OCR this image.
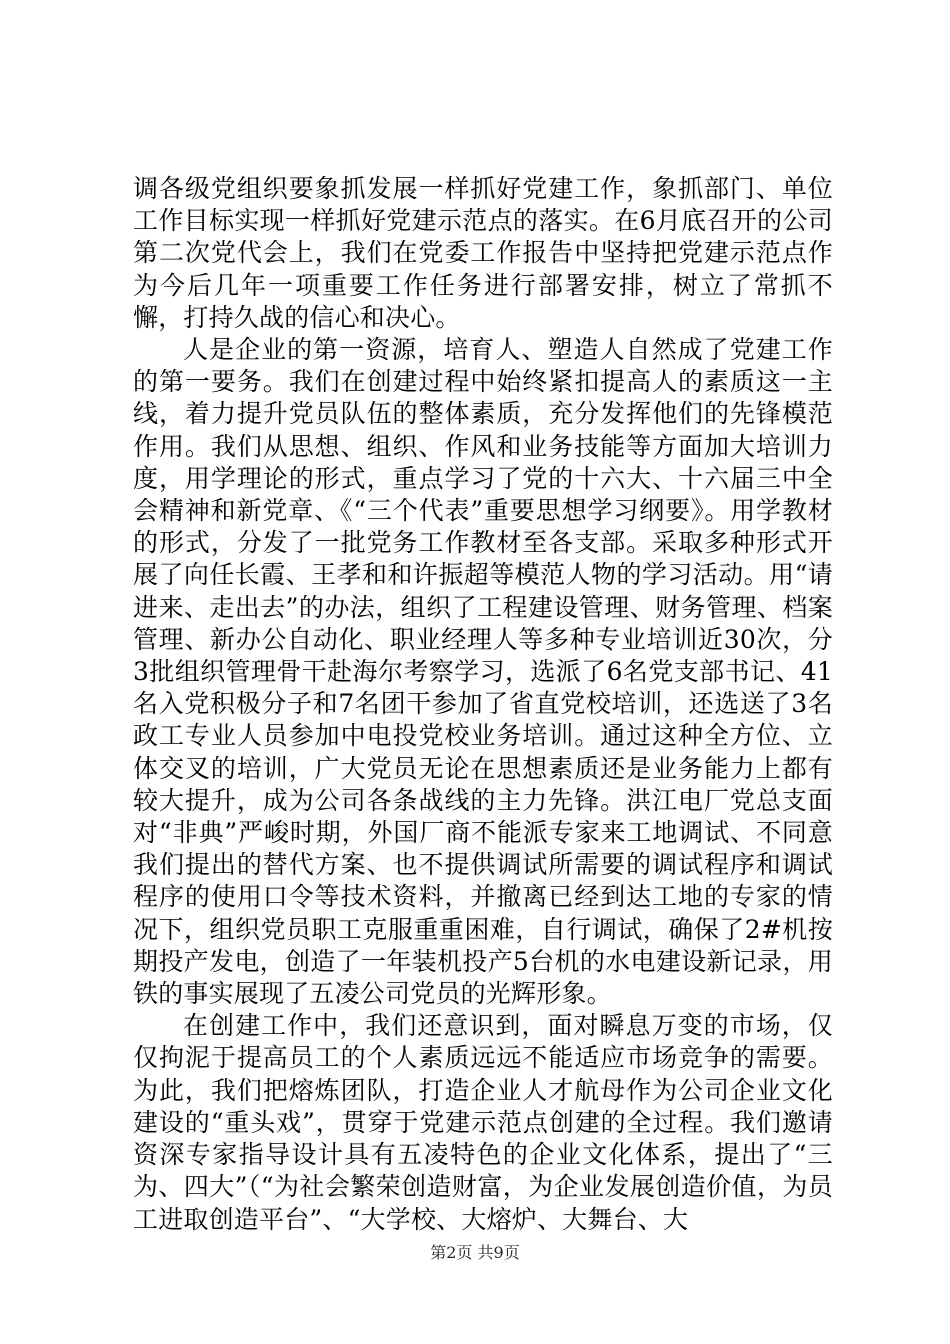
调各级党组织要象抓发展一样抓好党建工作，象抓部门、单位工作目标实现一样抓好党建示范点的落实。在6月底召开的公司第二次党代会上，我们在党委工作报告中坚持把党建示范点作为今后几年一项重要工作任务进行部署安排，树立了常抓不懈，打持久战的信心和决心。

人是企业的第一资源，培育人、塑造人自然成了党建工作的第一要务。我们在创建过程中始终紧扣提高人的素质这一主线，着力提升党员队伍的整体素质，充分发挥他们的先锋模范作用。我们从思想、组织、作风和业务技能等方面加大培训力度，用学理论的形式，重点学习了党的十六大、十六届三中全会精神和新党章、《“三个代表”重要思想学习纲要》。用学教材的形式，分发了一批党务工作教材至各支部。采取多种形式开展了向任长霞、王孝和和许振超等模范人物的学习活动。用“请进来、走出去”的办法，组织了工程建设管理、财务管理、档案管理、新办公自动化、职业经理人等多种专业培训近30次，分3批组织管理骨干赴海尔考察学习，选派了6名党支部书记、41名入党积极分子和7名团干参加了省直党校培训，还选送了3名政工专业人员参加中电投党校业务培训。通过这种全方位、立体交叉的培训，广大党员无论在思想素质还是业务能力上都有较大提升，成为公司各条战线的主力先锋。洪江电厂党总支面对“非典”严峻时期，外国厂商不能派专家来工地调试、不同意我们提出的替代方案、也不提供调试所需要的调试程序和调试程序的使用口令等技术资料，并撤离已经到达工地的专家的情况下，组织党员职工克服重重困难，自行调试，确保了2#机按期投产发电，创造了一年装机投产5台机的水电建设新记录，用铁的事实展现了五凌公司党员的光辉形象。

在创建工作中，我们还意识到，面对瞬息万变的市场，仅仅拘泥于提高员工的个人素质远远不能适应市场竞争的需要。为此，我们把熔炼团队，打造企业人才航母作为公司企业文化建设的“重头戏”，贯穿于党建示范点创建的全过程。我们邀请资深专家指导设计具有五凌特色的企业文化体系，提出了“三为、四大”（“为社会繁荣创造财富，为企业发展创造价值，为员工进取创造平台”、“大学校、大熔炉、大舞台、大

第2页 共9页
